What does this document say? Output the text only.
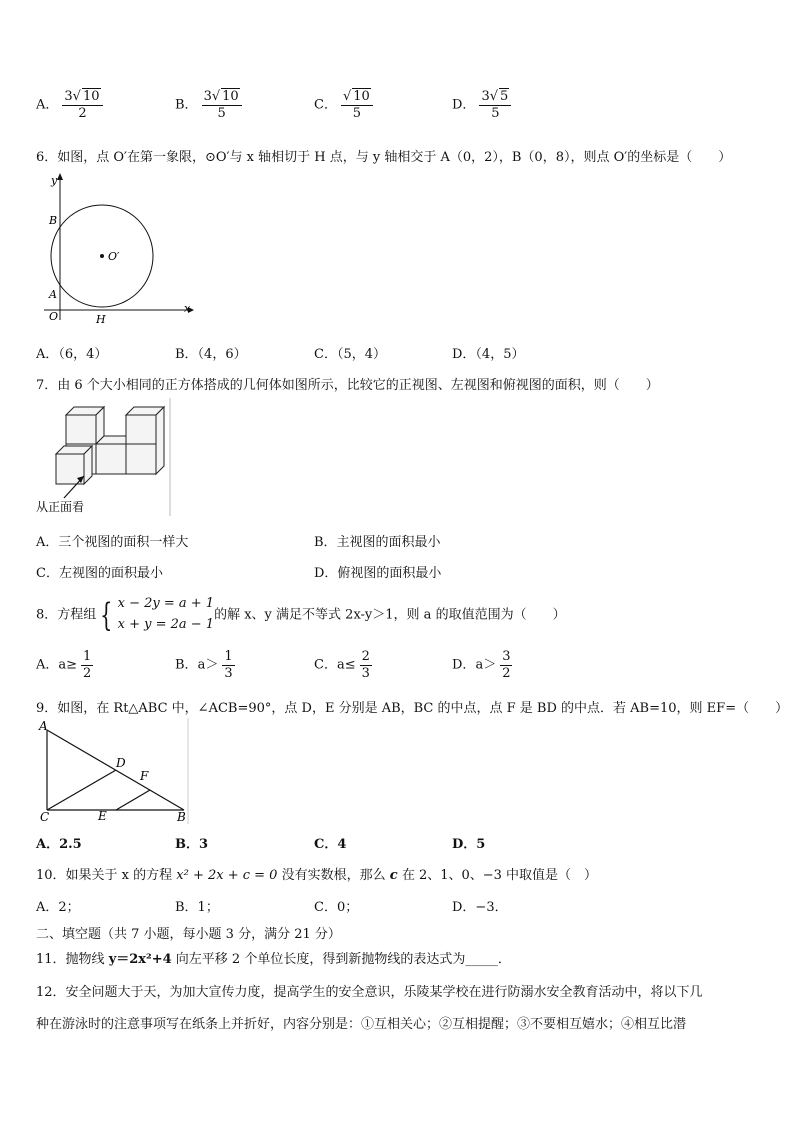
A． $\frac{3√ 10}{2}$	B． $\frac{3√ 10}{5}$	C． $\frac{√ 10}{5}$	D． $\frac{3√ 5}{5}$
6．如图，点 O′在第一象限，⊙O′与 x 轴相切于 H 点，与 y 轴相交于 A（0，2），B（0，8），则点 O′的坐标是（　　）
y
x
B
A
O	H
O′
A．（6，4）	B．（4，6）	C．（5，4）	D．（4，5）
7．由 6 个大小相同的正方体搭成的几何体如图所示，比较它的正视图、左视图和俯视图的面积，则（　　）
从正面看
A．三个视图的面积一样大	B．主视图的面积最小
C．左视图的面积最小	D．俯视图的面积最小
8．方程组 { x − 2y = a + 1
x + y = 2a − 1
的解 x、y 满足不等式 2x-y＞1，则 a 的取值范围为（　　）
A．$a\ge \frac{1}{2}$	B．$a> \frac{1}{3}$	C．$a\le \frac{2}{3}$	D．$a> \frac{3}{2}$
9．如图，在 Rt△ABC 中，∠ACB=90°，点 D，E 分别是 AB，BC 的中点，点 F 是 BD 的中点．若 AB=10，则 EF=（　　）
A
C	B
D
E
F
A．2.5	B．3	C．4	D．5
10．如果关于 x 的方程 x² + 2x + c = 0 没有实数根，那么 c 在 2、1、0、−3 中取值是（　）
A．2；	B．1；	C．0；	D．−3．
二、填空题（共 7 小题，每小题 3 分，满分 21 分）
11．抛物线 y＝2x²+4 向左平移 2 个单位长度，得到新抛物线的表达式为_____．
12．安全问题大于天，为加大宣传力度，提高学生的安全意识，乐陵某学校在进行防溺水安全教育活动中，将以下几
种在游泳时的注意事项写在纸条上并折好，内容分别是：①互相关心；②互相提醒；③不要相互嬉水；④相互比潜
